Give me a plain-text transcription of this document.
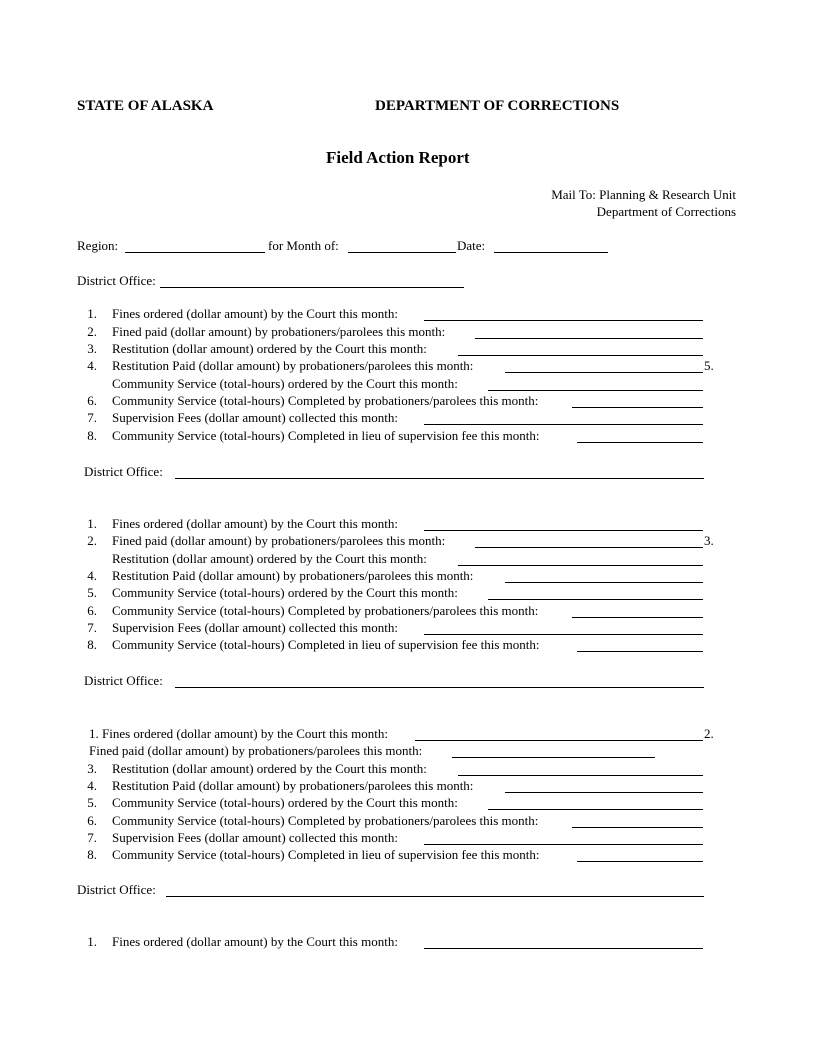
STATE OF ALASKA	DEPARTMENT OF CORRECTIONS
Field Action Report
Mail To: Planning & Research Unit
Department of Corrections
Region:	for Month of:	Date:
District Office:
1. Fines ordered (dollar amount) by the Court this month:
2. Fined paid (dollar amount) by probationers/parolees this month:
3. Restitution (dollar amount) ordered by the Court this month:
4. Restitution Paid (dollar amount) by probationers/parolees this month:	5.
Community Service (total-hours) ordered by the Court this month:
6. Community Service (total-hours) Completed by probationers/parolees this month:
7. Supervision Fees (dollar amount) collected this month:
8. Community Service (total-hours) Completed in lieu of supervision fee this month:
District Office:
1. Fines ordered (dollar amount) by the Court this month:
2. Fined paid (dollar amount) by probationers/parolees this month:	3.
Restitution (dollar amount) ordered by the Court this month:
4. Restitution Paid (dollar amount) by probationers/parolees this month:
5. Community Service (total-hours) ordered by the Court this month:
6. Community Service (total-hours) Completed by probationers/parolees this month:
7. Supervision Fees (dollar amount) collected this month:
8. Community Service (total-hours) Completed in lieu of supervision fee this month:
District Office:
1. Fines ordered (dollar amount) by the Court this month:	2.
Fined paid (dollar amount) by probationers/parolees this month:
3. Restitution (dollar amount) ordered by the Court this month:
4. Restitution Paid (dollar amount) by probationers/parolees this month:
5. Community Service (total-hours) ordered by the Court this month:
6. Community Service (total-hours) Completed by probationers/parolees this month:
7. Supervision Fees (dollar amount) collected this month:
8. Community Service (total-hours) Completed in lieu of supervision fee this month:
District Office:
1. Fines ordered (dollar amount) by the Court this month:
